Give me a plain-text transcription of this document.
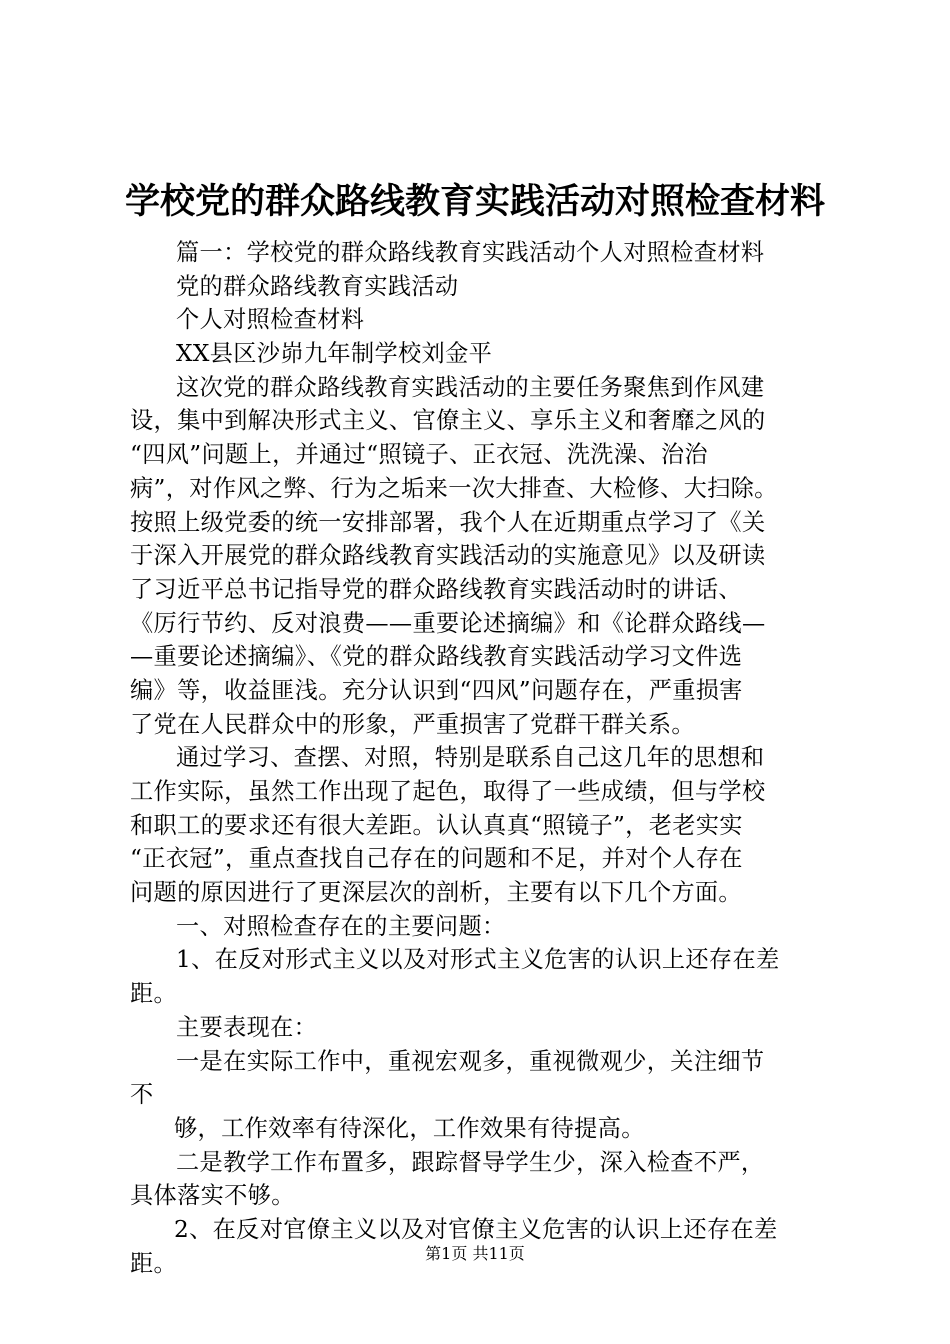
学校党的群众路线教育实践活动对照检查材料
篇一：学校党的群众路线教育实践活动个人对照检查材料
党的群众路线教育实践活动
个人对照检查材料
XX县区沙峁九年制学校刘金平
这次党的群众路线教育实践活动的主要任务聚焦到作风建
设，集中到解决形式主义、官僚主义、享乐主义和奢靡之风的
“四风”问题上，并通过“照镜子、正衣冠、洗洗澡、治治
病”，对作风之弊、行为之垢来一次大排查、大检修、大扫除。
按照上级党委的统一安排部署，我个人在近期重点学习了《关
于深入开展党的群众路线教育实践活动的实施意见》以及研读
了习近平总书记指导党的群众路线教育实践活动时的讲话、
《厉行节约、反对浪费——重要论述摘编》和《论群众路线—
—重要论述摘编》、《党的群众路线教育实践活动学习文件选
编》等，收益匪浅。充分认识到“四风”问题存在，严重损害
了党在人民群众中的形象，严重损害了党群干群关系。
通过学习、查摆、对照，特别是联系自己这几年的思想和
工作实际，虽然工作出现了起色，取得了一些成绩，但与学校
和职工的要求还有很大差距。认认真真“照镜子”，老老实实
“正衣冠”，重点查找自己存在的问题和不足，并对个人存在
问题的原因进行了更深层次的剖析，主要有以下几个方面。
一、对照检查存在的主要问题：
1、在反对形式主义以及对形式主义危害的认识上还存在差
距。
主要表现在：
一是在实际工作中，重视宏观多，重视微观少，关注细节
不
够，工作效率有待深化，工作效果有待提高。
二是教学工作布置多，跟踪督导学生少，深入检查不严，
具体落实不够。
2、在反对官僚主义以及对官僚主义危害的认识上还存在差
距。	第1页 共11页
